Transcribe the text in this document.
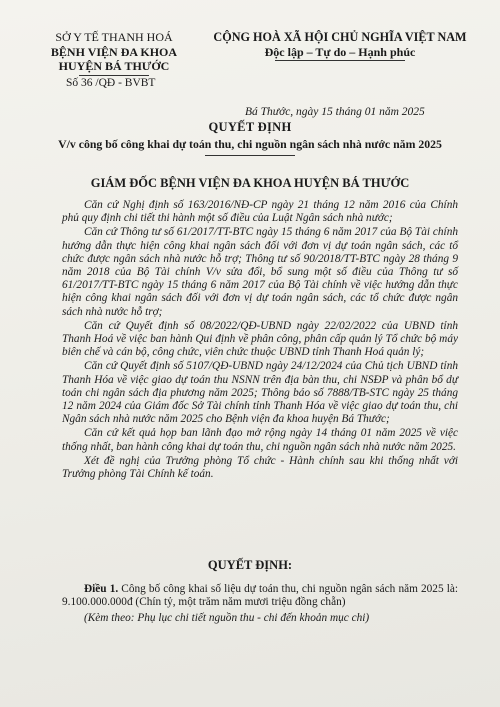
SỞ Y TẾ THANH HOÁ
BỆNH VIỆN ĐA KHOA
HUYỆN BÁ THƯỚC
Số 36 /QĐ - BVBT
CỘNG HOÀ XÃ HỘI CHỦ NGHĨA VIỆT NAM
Độc lập – Tự do – Hạnh phúc
Bá Thước, ngày 15 tháng 01 năm 2025
QUYẾT ĐỊNH
V/v công bố công khai dự toán thu, chi nguồn ngân sách nhà nước năm 2025
GIÁM ĐỐC BỆNH VIỆN ĐA KHOA HUYỆN BÁ THƯỚC

Căn cứ Nghị định số 163/2016/NĐ-CP ngày 21 tháng 12 năm 2016 của Chính phủ quy định chi tiết thi hành một số điều của Luật Ngân sách nhà nước;

Căn cứ Thông tư số 61/2017/TT-BTC ngày 15 tháng 6 năm 2017 của Bộ Tài chính hướng dẫn thực hiện công khai ngân sách đối với đơn vị dự toán ngân sách, các tổ chức được ngân sách nhà nước hỗ trợ; Thông tư số 90/2018/TT-BTC ngày 28 tháng 9 năm 2018 của Bộ Tài chính V/v sửa đổi, bổ sung một số điều của Thông tư số 61/2017/TT-BTC ngày 15 tháng 6 năm 2017 của Bộ Tài chính về việc hướng dẫn thực hiện công khai ngân sách đối với đơn vị dự toán ngân sách, các tổ chức được ngân sách nhà nước hỗ trợ;

Căn cứ Quyết định số 08/2022/QĐ-UBND ngày 22/02/2022 của UBND tỉnh Thanh Hoá về việc ban hành Qui định về phân công, phân cấp quản lý Tổ chức bộ máy biên chế và cán bộ, công chức, viên chức thuộc UBND tỉnh Thanh Hoá quản lý;

Căn cứ Quyết định số 5107/QĐ-UBND ngày 24/12/2024 của Chủ tịch UBND tỉnh Thanh Hóa về việc giao dự toán thu NSNN trên địa bàn thu, chi NSĐP và phân bổ dự toán chi ngân sách địa phương năm 2025; Thông báo số 7888/TB-STC ngày 25 tháng 12 năm 2024 của Giám đốc Sở Tài chính tỉnh Thanh Hóa về việc giao dự toán thu, chi Ngân sách nhà nước năm 2025 cho Bệnh viện đa khoa huyện Bá Thước;

Căn cứ kết quả họp ban lãnh đạo mở rộng ngày 14 tháng 01 năm 2025 về việc thống nhất, ban hành công khai dự toán thu, chi nguồn ngân sách nhà nước năm 2025.

Xét đề nghị của Trưởng phòng Tổ chức - Hành chính sau khi thống nhất với Trưởng phòng Tài Chính kế toán.

QUYẾT ĐỊNH:

Điều 1. Công bố công khai số liệu dự toán thu, chi nguồn ngân sách năm 2025 là: 9.100.000.000đ (Chín tỷ, một trăm năm mươi triệu đồng chẵn)

(Kèm theo: Phụ lục chi tiết nguồn thu - chi đến khoản mục chi)
